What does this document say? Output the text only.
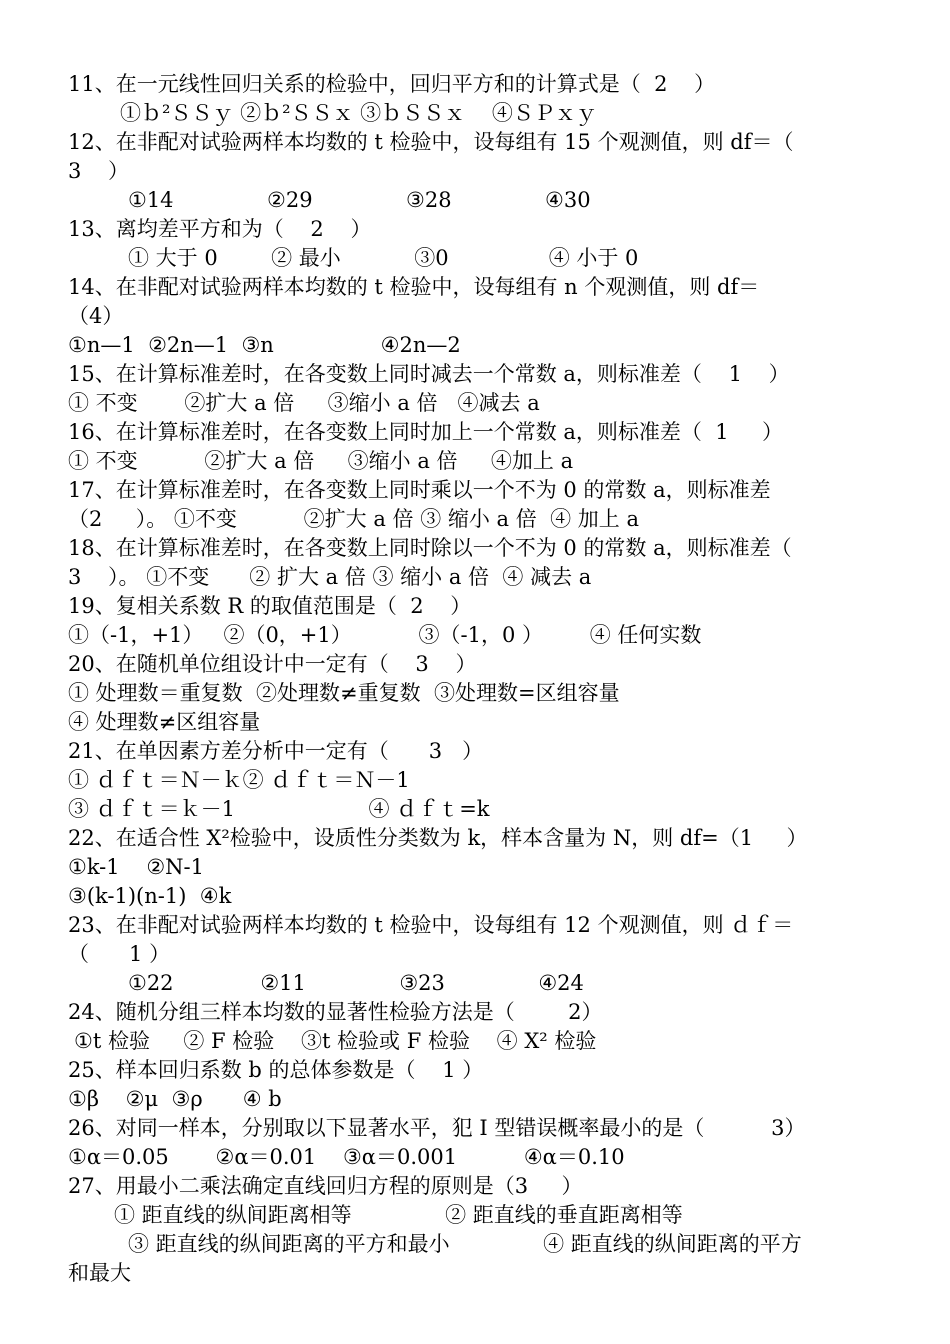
11、在一元线性回归关系的检验中，回归平方和的计算式是（  2    ）
①ｂ²ＳＳｙ ②ｂ²ＳＳｘ ③ｂＳＳｘ    ④ＳＰｘｙ
12、在非配对试验两样本均数的 t 检验中，设每组有 15 个观测值，则 df＝（
3    ）
①14              ②29              ③28              ④30
13、离均差平方和为（    2    ）
① 大于 0        ② 最小           ③0               ④ 小于 0
14、在非配对试验两样本均数的 t 检验中，设每组有 n 个观测值，则 df＝
（4）
①n—1  ②2n—1  ③n                ④2n—2
15、在计算标准差时，在各变数上同时减去一个常数 a，则标准差（    1    ）
① 不变       ②扩大 a 倍     ③缩小 a 倍   ④减去 a
16、在计算标准差时，在各变数上同时加上一个常数 a，则标准差（  1     ）
① 不变          ②扩大 a 倍     ③缩小 a 倍     ④加上 a
17、在计算标准差时，在各变数上同时乘以一个不为 0 的常数 a，则标准差
（2     ）。 ①不变          ②扩大 a 倍 ③ 缩小 a 倍  ④ 加上 a
18、在计算标准差时，在各变数上同时除以一个不为 0 的常数 a，则标准差（
3    ）。 ①不变      ② 扩大 a 倍 ③ 缩小 a 倍  ④ 减去 a
19、复相关系数 R 的取值范围是（  2    ）
①（-1，+1）   ②（0，+1）          ③（-1，0 ）       ④ 任何实数
20、在随机单位组设计中一定有（    3    ）
① 处理数＝重复数  ②处理数≠重复数  ③处理数=区组容量
④ 处理数≠区组容量
21、在单因素方差分析中一定有（      3   ）
① ｄｆｔ＝Ｎ－ｋ② ｄｆｔ＝Ｎ－1
③ ｄｆｔ＝ｋ－1                    ④ ｄｆｔ=k
22、在适合性 X²检验中，设质性分类数为 k，样本含量为 N，则 df=（1     ）
①k-1    ②N-1
③(k-1)(n-1)  ④k
23、在非配对试验两样本均数的 t 检验中，设每组有 12 个观测值，则 ｄｆ＝
（      1 ）
①22             ②11              ③23              ④24
24、随机分组三样本均数的显著性检验方法是（        2）
①t 检验     ② F 检验    ③t 检验或 F 检验    ④ X² 检验
25、样本回归系数 b 的总体参数是（    1 ）
①β    ②μ  ③ρ      ④ b
26、对同一样本，分别取以下显著水平，犯 I 型错误概率最小的是（          3）
①α＝0.05       ②α＝0.01    ③α＝0.001          ④α＝0.10
27、用最小二乘法确定直线回归方程的原则是（3     ）
① 距直线的纵间距离相等              ② 距直线的垂直距离相等
③ 距直线的纵间距离的平方和最小              ④ 距直线的纵间距离的平方
和最大
